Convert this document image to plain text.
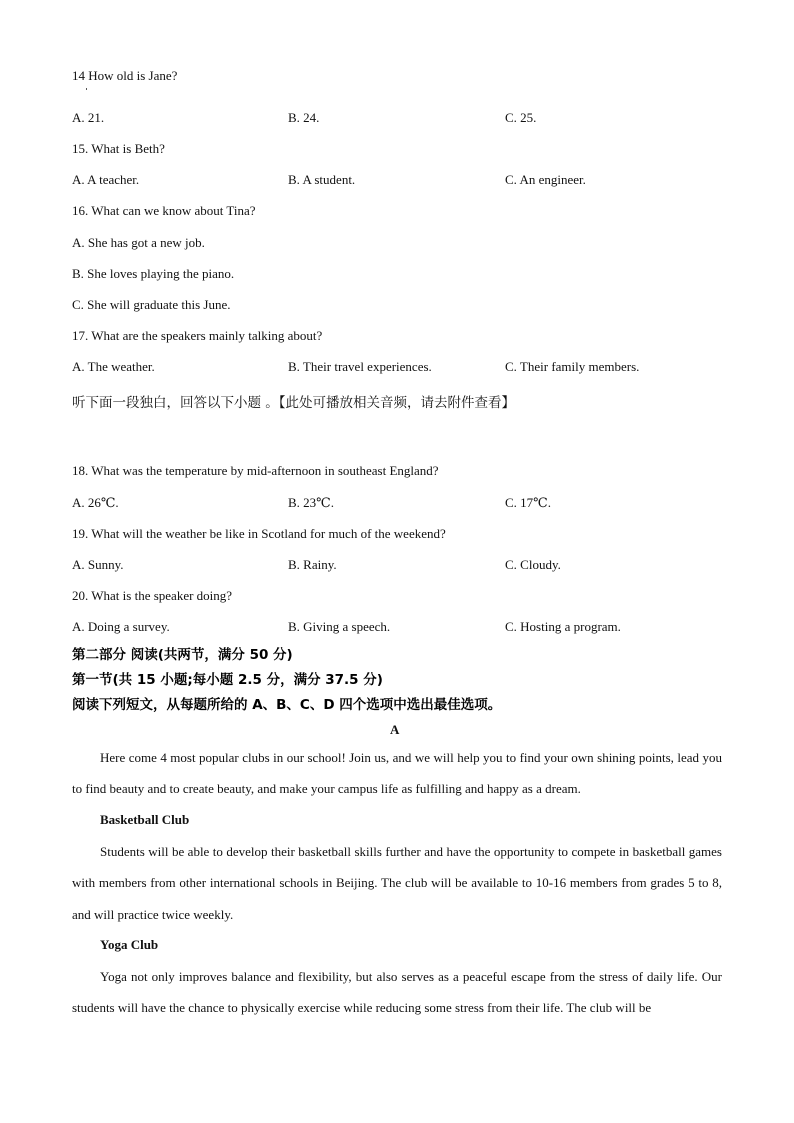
14 How old is Jane?
A. 21.	B. 24.	C. 25.
15. What is Beth?
A. A teacher.	B. A student.	C. An engineer.
16. What can we know about Tina?
A. She has got a new job.
B. She loves playing the piano.
C. She will graduate this June.
17. What are the speakers mainly talking about?
A. The weather.	B. Their travel experiences.	C. Their family members.
听下面一段独白，回答以下小题 。【此处可播放相关音频，请去附件查看】
18. What was the temperature by mid-afternoon in southeast England?
A. 26℃.	B. 23℃.	C. 17℃.
19. What will the weather be like in Scotland for much of the weekend?
A. Sunny.	B. Rainy.	C. Cloudy.
20. What is the speaker doing?
A. Doing a survey.	B. Giving a speech.	C. Hosting a program.
第二部分 阅读(共两节，满分 50 分)
第一节(共 15 小题;每小题 2.5 分，满分 37.5 分)
阅读下列短文，从每题所给的 A、B、C、D 四个选项中选出最佳选项。
A
Here come 4 most popular clubs in our school! Join us, and we will help you to find your own shining points, lead you to find beauty and to create beauty, and make your campus life as fulfilling and happy as a dream.
Basketball Club
Students will be able to develop their basketball skills further and have the opportunity to compete in basketball games with members from other international schools in Beijing. The club will be available to 10-16 members from grades 5 to 8, and will practice twice weekly.
Yoga Club
Yoga not only improves balance and flexibility, but also serves as a peaceful escape from the stress of daily life. Our students will have the chance to physically exercise while reducing some stress from their life. The club will be
